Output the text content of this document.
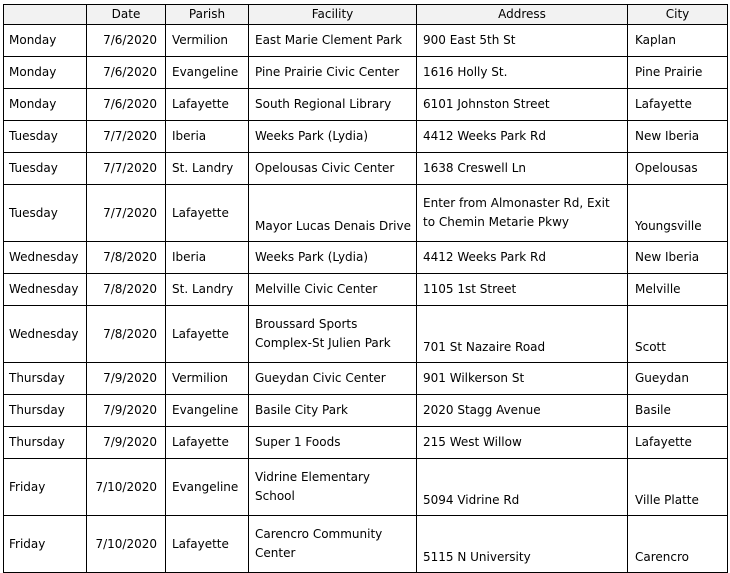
	Date	Parish	Facility	Address	City
Monday	7/6/2020	Vermilion	East Marie Clement Park	900 East 5th St	Kaplan
Monday	7/6/2020	Evangeline	Pine Prairie Civic Center	1616 Holly St.	Pine Prairie
Monday	7/6/2020	Lafayette	South Regional Library	6101 Johnston Street	Lafayette
Tuesday	7/7/2020	Iberia	Weeks Park (Lydia)	4412 Weeks Park Rd	New Iberia
Tuesday	7/7/2020	St. Landry	Opelousas Civic Center	1638 Creswell Ln	Opelousas
Tuesday	7/7/2020	Lafayette	Mayor Lucas Denais Drive	Enter from Almonaster Rd, Exit to Chemin Metarie Pkwy	Youngsville
Wednesday	7/8/2020	Iberia	Weeks Park (Lydia)	4412 Weeks Park Rd	New Iberia
Wednesday	7/8/2020	St. Landry	Melville Civic Center	1105 1st Street	Melville
Wednesday	7/8/2020	Lafayette	Broussard Sports Complex-St Julien Park	701 St Nazaire Road	Scott
Thursday	7/9/2020	Vermilion	Gueydan Civic Center	901 Wilkerson St	Gueydan
Thursday	7/9/2020	Evangeline	Basile City Park	2020 Stagg Avenue	Basile
Thursday	7/9/2020	Lafayette	Super 1 Foods	215 West Willow	Lafayette
Friday	7/10/2020	Evangeline	Vidrine Elementary School	5094 Vidrine Rd	Ville Platte
Friday	7/10/2020	Lafayette	Carencro Community Center	5115 N University	Carencro
